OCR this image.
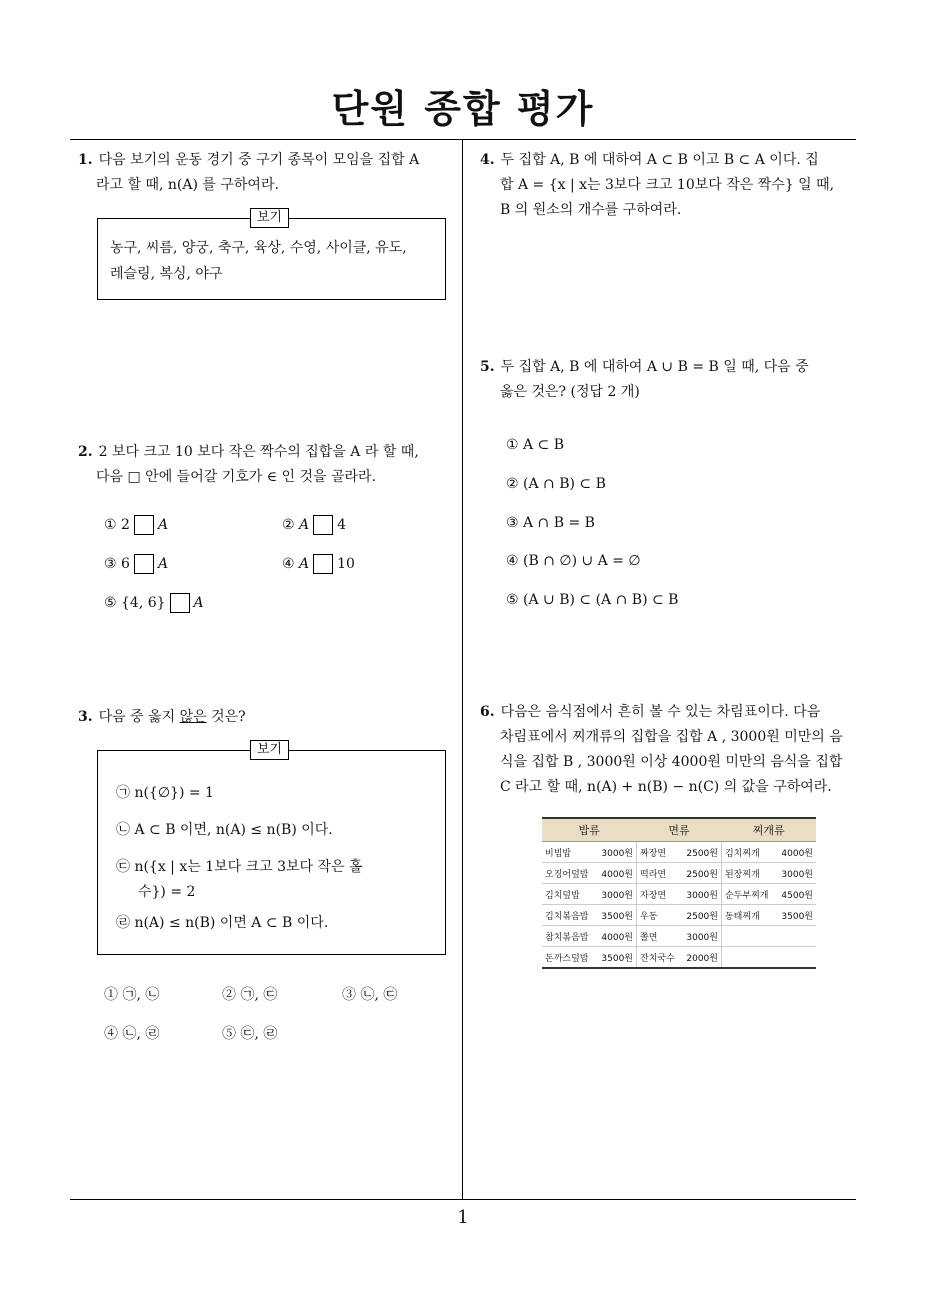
단원 종합 평가
1. 다음 보기의 운동 경기 중 구기 종목이 모임을 집합 A
라고 할 때, n(A) 를 구하여라.
농구, 씨름, 양궁, 축구, 육상, 수영, 사이클, 유도,
레슬링, 복싱, 야구
보기
2. 2 보다 크고 10 보다 작은 짝수의 집합을 A 라 할 때,
다음 □ 안에 들어갈 기호가 ∈ 인 것을 골라라.
① 2 A	② A 4
③ 6 A	④ A 10
⑤ {4, 6} A
3. 다음 중 옳지 않은 것은?
㉠ n({∅}) = 1
㉡ A ⊂ B 이면, n(A) ≤ n(B) 이다.
㉢ n({x | x는 1보다 크고 3보다 작은 홀
수}) = 2
㉣ n(A) ≤ n(B) 이면 A ⊂ B 이다.
보기
① ㉠, ㉡	② ㉠, ㉢	③ ㉡, ㉢
④ ㉡, ㉣	⑤ ㉢, ㉣
4. 두 집합 A, B 에 대하여 A ⊂ B 이고 B ⊂ A 이다. 집
합 A = {x | x는 3보다 크고 10보다 작은 짝수} 일 때,
B 의 원소의 개수를 구하여라.
5. 두 집합 A, B 에 대하여 A ∪ B = B 일 때, 다음 중
옳은 것은? (정답 2 개)
① A ⊂ B
② (A ∩ B) ⊂ B
③ A ∩ B = B
④ (B ∩ ∅) ∪ A = ∅
⑤ (A ∪ B) ⊂ (A ∩ B) ⊂ B
6. 다음은 음식점에서 흔히 볼 수 있는 차림표이다. 다음
차림표에서 찌개류의 집합을 집합 A , 3000원 미만의 음
식을 집합 B , 3000원 이상 4000원 미만의 음식을 집합
C 라고 할 때, n(A) + n(B) − n(C) 의 값을 구하여라.
밥류	면류	찌개류
비빔밥 3000원	짜장면 2500원	김치찌개 4000원

오징어덮밥 4000원	떡라면 2500원	된장찌개 3000원

김치덮밥 3000원	자장면 3000원	순두부찌개 4500원

김치볶음밥 3500원	우동 2500원	동태찌개 3500원

참치볶음밥 4000원	쫄면 3000원	

돈까스덮밥 3500원	잔치국수 2000원	

1
